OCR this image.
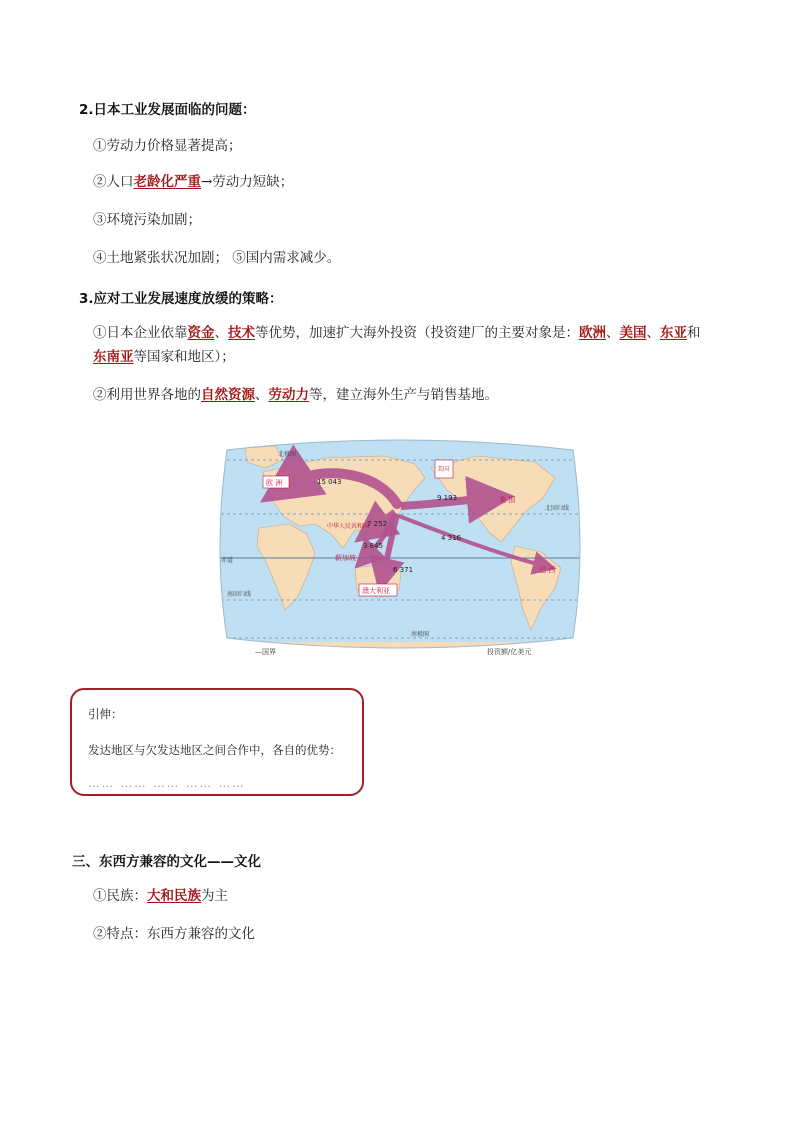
2.日本工业发展面临的问题：
①劳动力价格显著提高；
②人口老龄化严重→劳动力短缺；
③环境污染加剧；
④土地紧张状况加剧； ⑤国内需求减少。
3.应对工业发展速度放缓的策略：
①日本企业依靠资金、技术等优势，加速扩大海外投资（投资建厂的主要对象是：欧洲、美国、东亚和
东南亚等国家和地区）；
②利用世界各地的自然资源、劳动力等，建立海外生产与销售基地。
北极圈
赤道
北回归线
南回归线
南极圈
欧 洲	15 043
美国
9 193	美 国
中华人民共和国
7 252
新加坡
3 845
6 371
澳大利亚
4 316
巴 西
—国界	投资额/亿美元
引伸：
发达地区与欠发达地区之间合作中，各自的优势：
…… …… …… …… ……
三、东西方兼容的文化——文化
①民族：大和民族为主
②特点：东西方兼容的文化
